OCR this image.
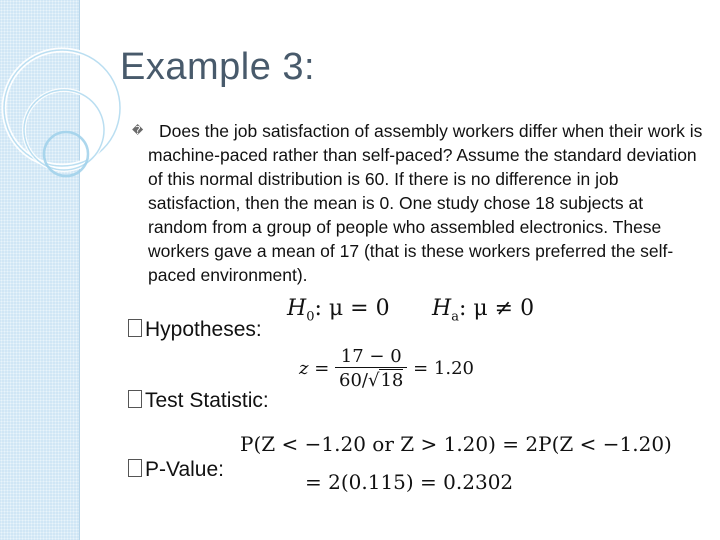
Example 3:
� Does the job satisfaction of assembly workers differ when their work is machine-paced rather than self-paced? Assume the standard deviation of this normal distribution is 60. If there is no difference in job satisfaction, then the mean is 0. One study chose 18 subjects at random from a group of people who assembled electronics. These workers gave a mean of 17 (that is these workers preferred the self-paced environment).
Hypotheses:
Test Statistic:
P-Value:
$H_0$: μ = 0 $H_a$: μ ≠ 0
$z = \frac{17 - 0}{60/√18} = 1.20$
P(Z < −1.20 or Z > 1.20) = 2P(Z < −1.20)
= 2(0.115) = 0.2302
